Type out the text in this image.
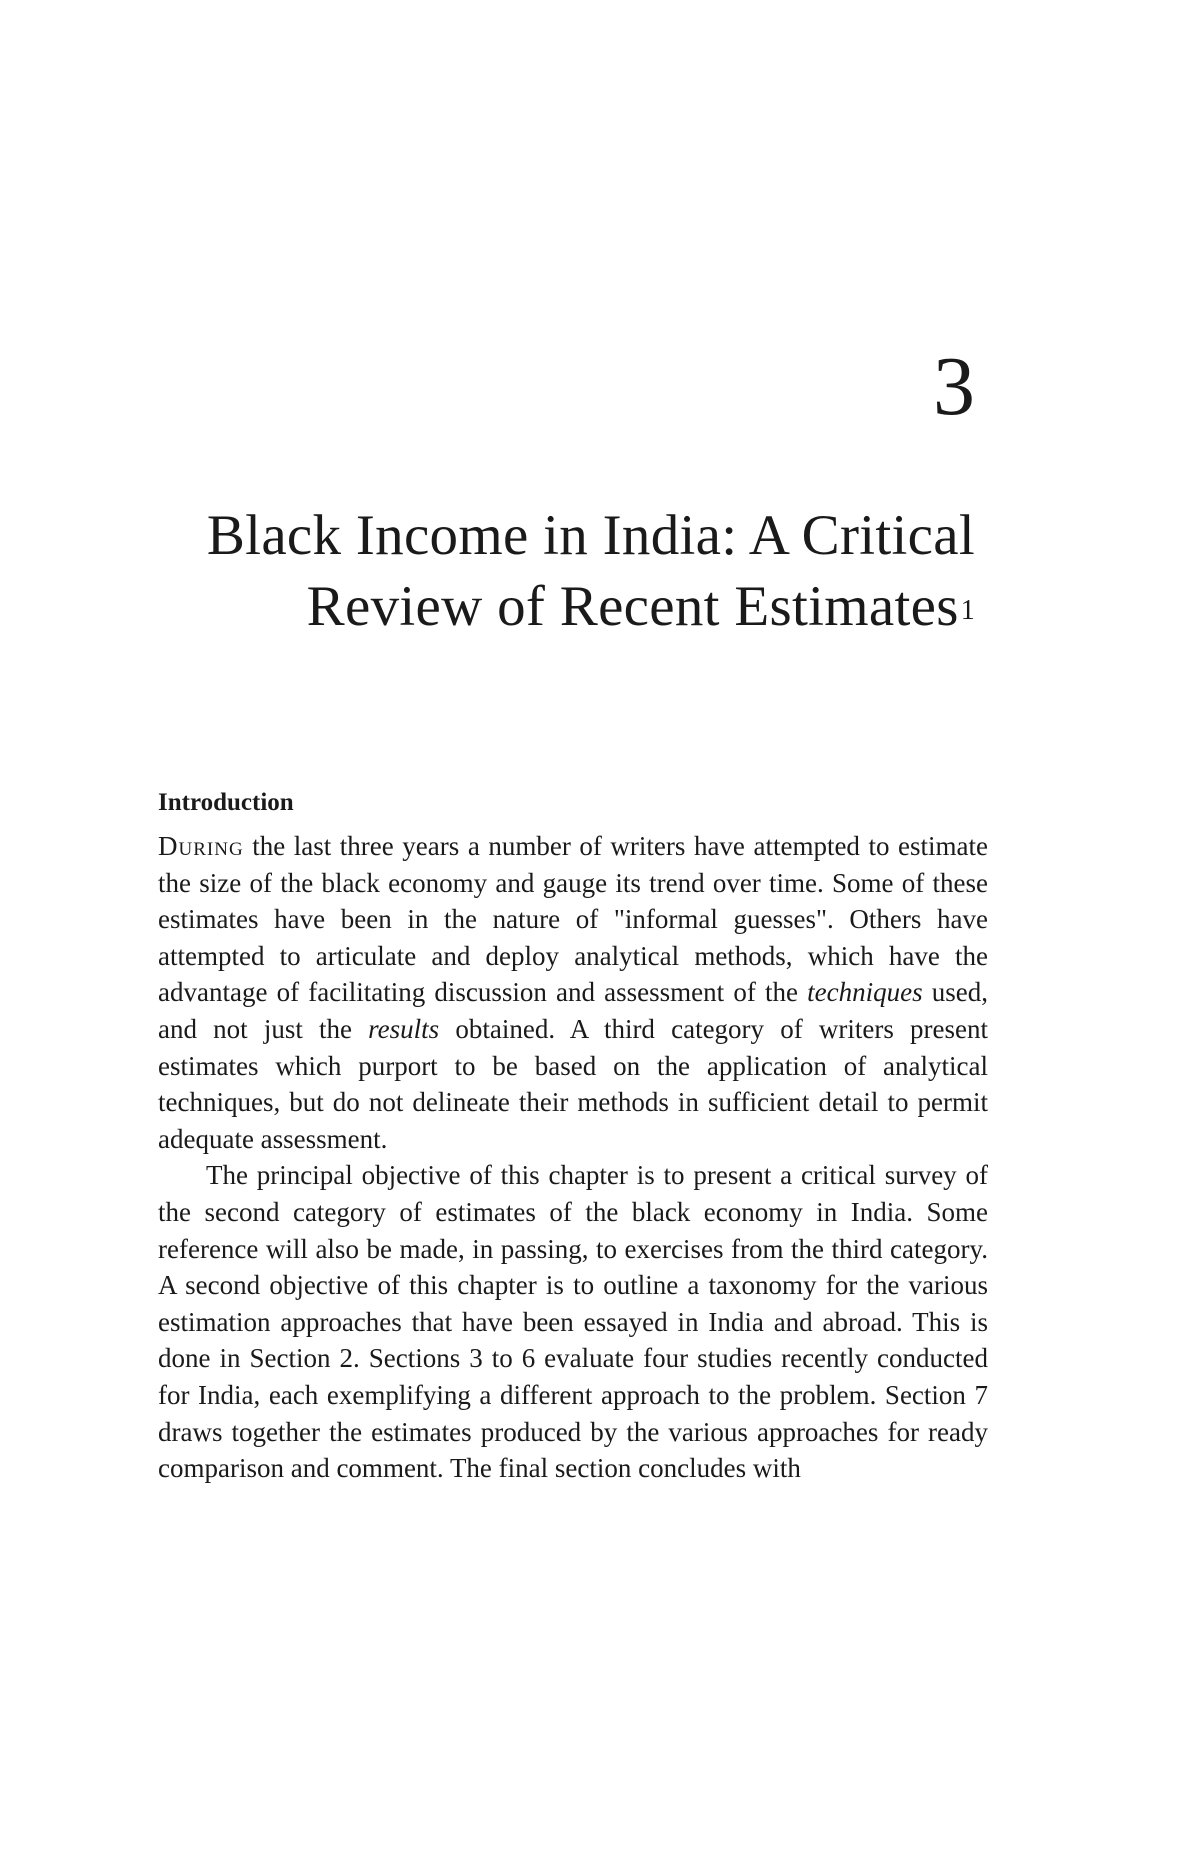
3
Black Income in India: A Critical
Review of Recent Estimates$^1$
Introduction

During the last three years a number of writers have attempted to estimate the size of the black economy and gauge its trend over time. Some of these estimates have been in the nature of "informal guesses". Others have attempted to articulate and deploy analytical methods, which have the advantage of facilitating discussion and assessment of the techniques used, and not just the results obtained. A third category of writers present estimates which purport to be based on the application of analytical techniques, but do not delineate their methods in sufficient detail to permit adequate assessment.

The principal objective of this chapter is to present a critical survey of the second category of estimates of the black economy in India. Some reference will also be made, in passing, to exercises from the third category. A second objective of this chapter is to outline a taxonomy for the various estimation approaches that have been essayed in India and abroad. This is done in Section 2. Sections 3 to 6 evaluate four studies recently conducted for India, each exemplifying a different approach to the problem. Section 7 draws together the estimates produced by the various approaches for ready comparison and comment. The final section concludes with
